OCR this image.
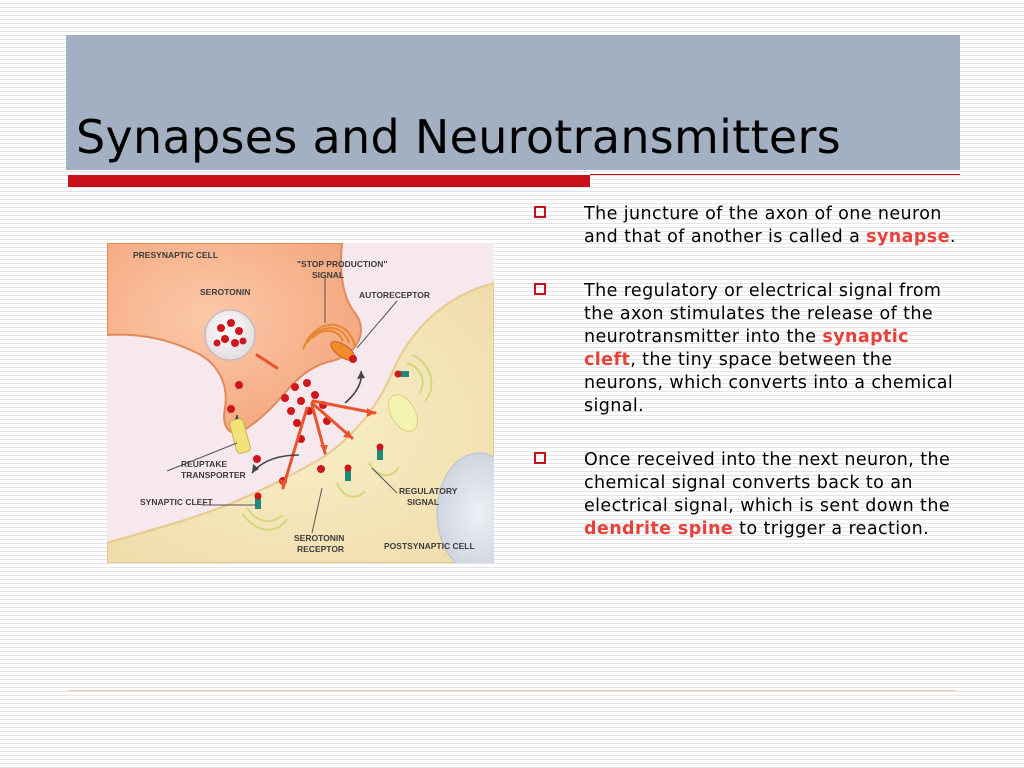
Synapses and Neurotransmitters
PRESYNAPTIC CELL
"STOP PRODUCTION"
SIGNAL
SEROTONIN	AUTORECEPTOR
REUPTAKE
TRANSPORTER
SYNAPTIC CLEFT
REGULATORY
SIGNAL
SEROTONIN
RECEPTOR	POSTSYNAPTIC CELL
The juncture of the axon of one neuron and that of another is called a synapse.
The regulatory or electrical signal from the axon stimulates the release of the neurotransmitter into the synaptic cleft, the tiny space between the neurons, which converts into a chemical signal.
Once received into the next neuron, the chemical signal converts back to an electrical signal, which is sent down the dendrite spine to trigger a reaction.
